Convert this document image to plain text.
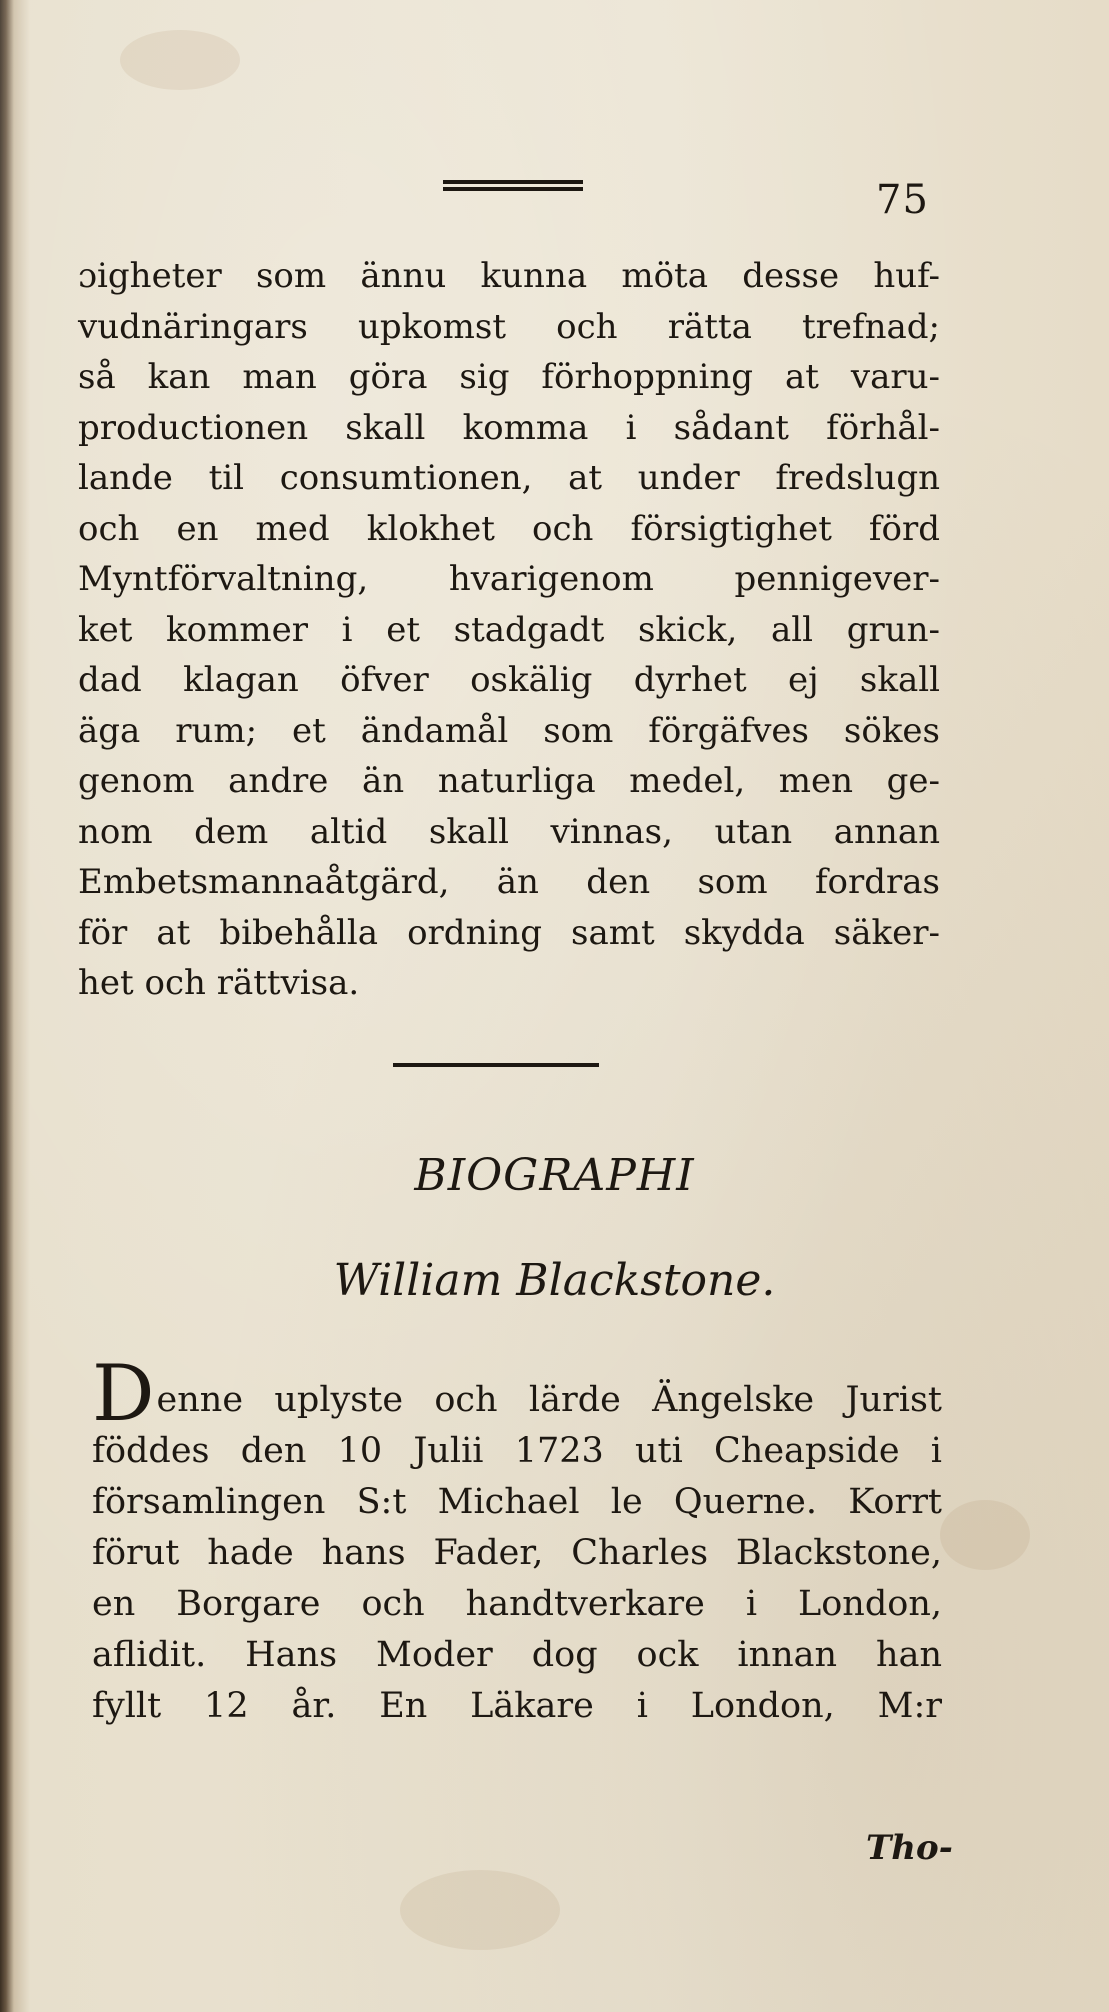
75
ɔigheter som ännu kunna möta desse huf-
vudnäringars upkomst och rätta trefnad;
så kan man göra sig förhoppning at varu-
productionen skall komma i sådant förhål-
lande til consumtionen, at under fredslugn
och en med klokhet och försigtighet förd
Myntförvaltning, hvarigenom pennigever-
ket kommer i et stadgadt skick, all grun-
dad klagan öfver oskälig dyrhet ej skall
äga rum; et ändamål som förgäfves sökes
genom andre än naturliga medel, men ge-
nom dem altid skall vinnas, utan annan
Embetsmannaåtgärd, än den som fordras
för at bibehålla ordning samt skydda säker-
het och rättvisa.
BIOGRAPHI
William Blackstone.
Denne uplyste och lärde Ängelske Jurist
föddes den 10 Julii 1723 uti Cheapside i
församlingen S:t Michael le Querne. Korrt
förut hade hans Fader, Charles Blackstone,
en Borgare och handtverkare i London,
aflidit. Hans Moder dog ock innan han
fyllt 12 år. En Läkare i London, M:r
Tho-
